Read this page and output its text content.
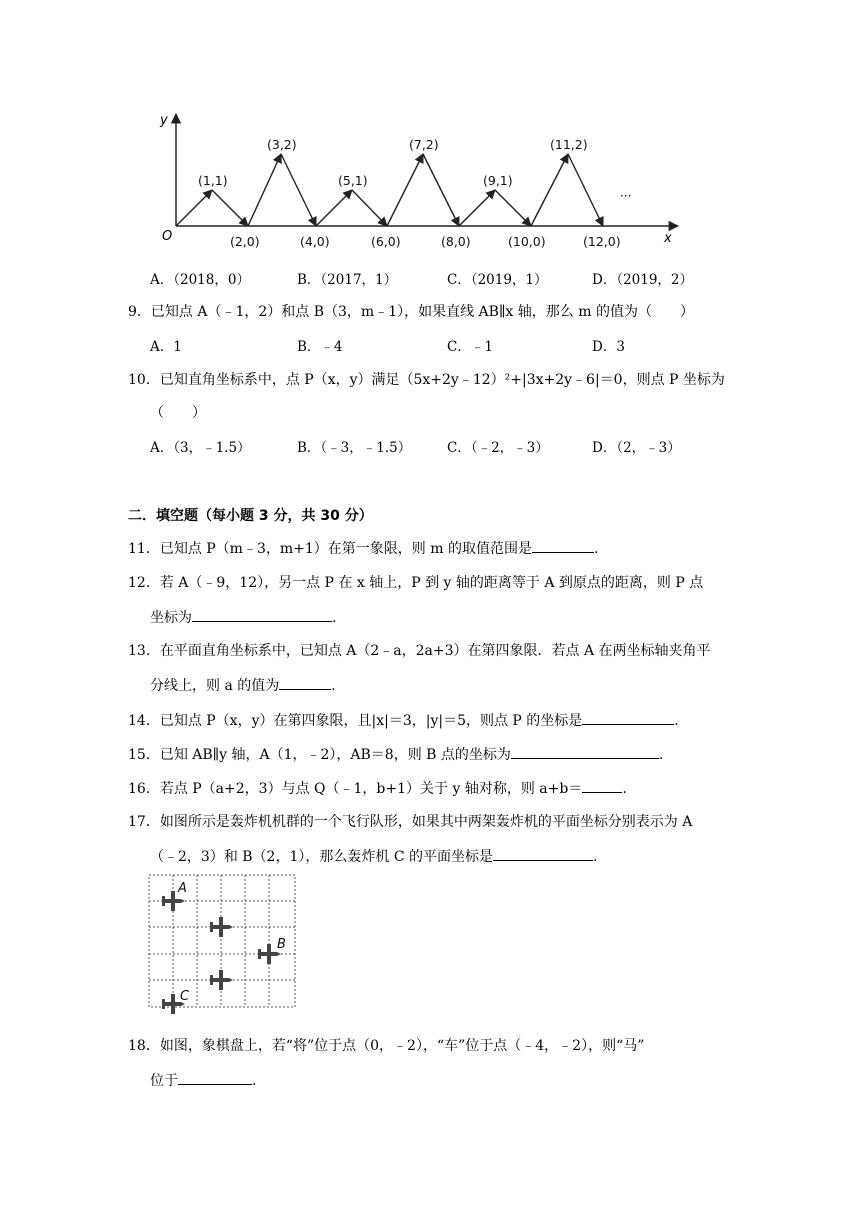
x
y
O
(1,1)
(3,2)
(5,1)
(7,2)
(9,1)
(11,2)
(2,0)	(4,0)	(6,0)	(8,0)	(10,0)	(12,0)
···
A．（2018，0）	B．（2017，1）	C．（2019，1）	D．（2019，2）
9．已知点 A（﹣1，2）和点 B（3，m﹣1），如果直线 AB∥x 轴，那么 m 的值为（　　）
A．1	B．﹣4	C．﹣1	D．3
10．已知直角坐标系中，点 P（x，y）满足（5x+2y﹣12）²+|3x+2y﹣6|＝0，则点 P 坐标为
（　　）
A．（3，﹣1.5）	B．（﹣3，﹣1.5）	C．（﹣2，﹣3）	D．（2，﹣3）
二．填空题（每小题 3 分，共 30 分）
11．已知点 P（m﹣3，m+1）在第一象限，则 m 的取值范围是	.
12．若 A（﹣9，12），另一点 P 在 x 轴上，P 到 y 轴的距离等于 A 到原点的距离，则 P 点
坐标为	.
13．在平面直角坐标系中，已知点 A（2﹣a，2a+3）在第四象限．若点 A 在两坐标轴夹角平
分线上，则 a 的值为	.
14．已知点 P（x，y）在第四象限，且|x|＝3，|y|＝5，则点 P 的坐标是	.
15．已知 AB∥y 轴，A（1，﹣2），AB＝8，则 B 点的坐标为	.
16．若点 P（a+2，3）与点 Q（﹣1，b+1）关于 y 轴对称，则 a+b＝	.
17．如图所示是轰炸机机群的一个飞行队形，如果其中两架轰炸机的平面坐标分别表示为 A
（﹣2，3）和 B（2，1），那么轰炸机 C 的平面坐标是	.
A
B
C
18．如图，象棋盘上，若“将”位于点（0，﹣2），“车”位于点（﹣4，﹣2），则“马”
位于	.
